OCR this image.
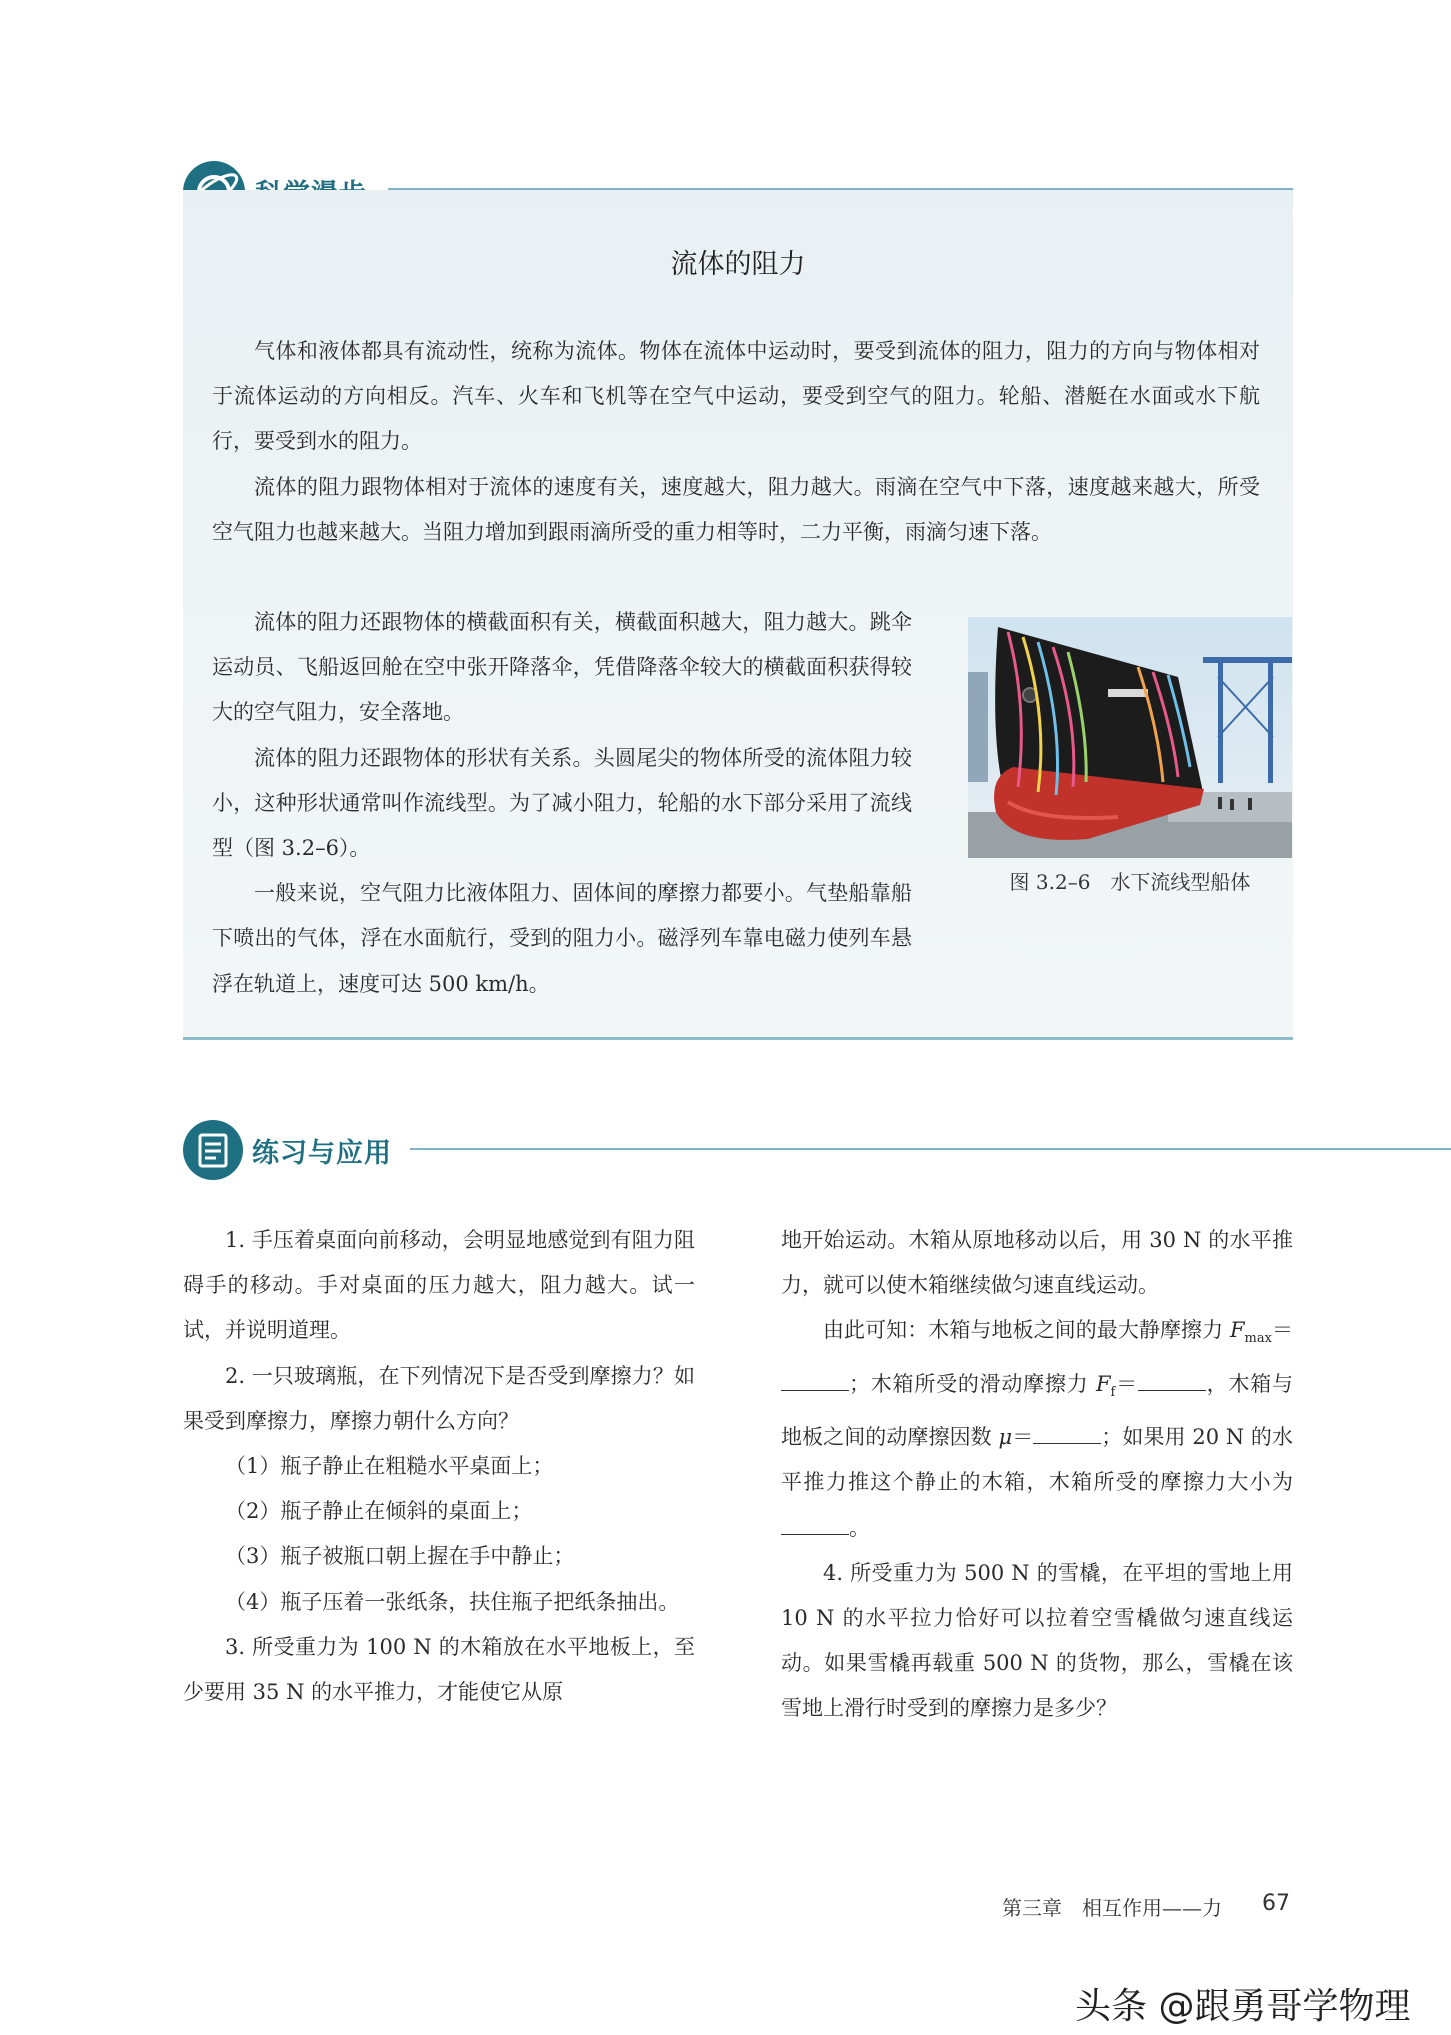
流体的阻力

气体和液体都具有流动性，统称为流体。物体在流体中运动时，要受到流体的阻力，阻力的方向与物体相对于流体运动的方向相反。汽车、火车和飞机等在空气中运动，要受到空气的阻力。轮船、潜艇在水面或水下航行，要受到水的阻力。

流体的阻力跟物体相对于流体的速度有关，速度越大，阻力越大。雨滴在空气中下落，速度越来越大，所受空气阻力也越来越大。当阻力增加到跟雨滴所受的重力相等时，二力平衡，雨滴匀速下落。

流体的阻力还跟物体的横截面积有关，横截面积越大，阻力越大。跳伞运动员、飞船返回舱在空中张开降落伞，凭借降落伞较大的横截面积获得较大的空气阻力，安全落地。

流体的阻力还跟物体的形状有关系。头圆尾尖的物体所受的流体阻力较小，这种形状通常叫作流线型。为了减小阻力，轮船的水下部分采用了流线型（图 3.2–6）。

一般来说，空气阻力比液体阻力、固体间的摩擦力都要小。气垫船靠船下喷出的气体，浮在水面航行，受到的阻力小。磁浮列车靠电磁力使列车悬浮在轨道上，速度可达 500 km/h。

图 3.2–6　水下流线型船体
练习与应用

1. 手压着桌面向前移动，会明显地感觉到有阻力阻碍手的移动。手对桌面的压力越大，阻力越大。试一试，并说明道理。

2. 一只玻璃瓶，在下列情况下是否受到摩擦力？如果受到摩擦力，摩擦力朝什么方向？

（1）瓶子静止在粗糙水平桌面上；

（2）瓶子静止在倾斜的桌面上；

（3）瓶子被瓶口朝上握在手中静止；

（4）瓶子压着一张纸条，扶住瓶子把纸条抽出。

3. 所受重力为 100 N 的木箱放在水平地板上，至少要用 35 N 的水平推力，才能使它从原

地开始运动。木箱从原地移动以后，用 30 N 的水平推力，就可以使木箱继续做匀速直线运动。

由此可知：木箱与地板之间的最大静摩擦力 $F_{max}=$；木箱所受的滑动摩擦力 $F_f=$	，木箱与地板之间的动摩擦因数 μ＝	；如果用 20 N 的水平推力推这个静止的木箱，木箱所受的摩擦力大小为。

4. 所受重力为 500 N 的雪橇，在平坦的雪地上用 10 N 的水平拉力恰好可以拉着空雪橇做匀速直线运动。如果雪橇再载重 500 N 的货物，那么，雪橇在该雪地上滑行时受到的摩擦力是多少？

第三章　相互作用——力 67
头条 @跟勇哥学物理
